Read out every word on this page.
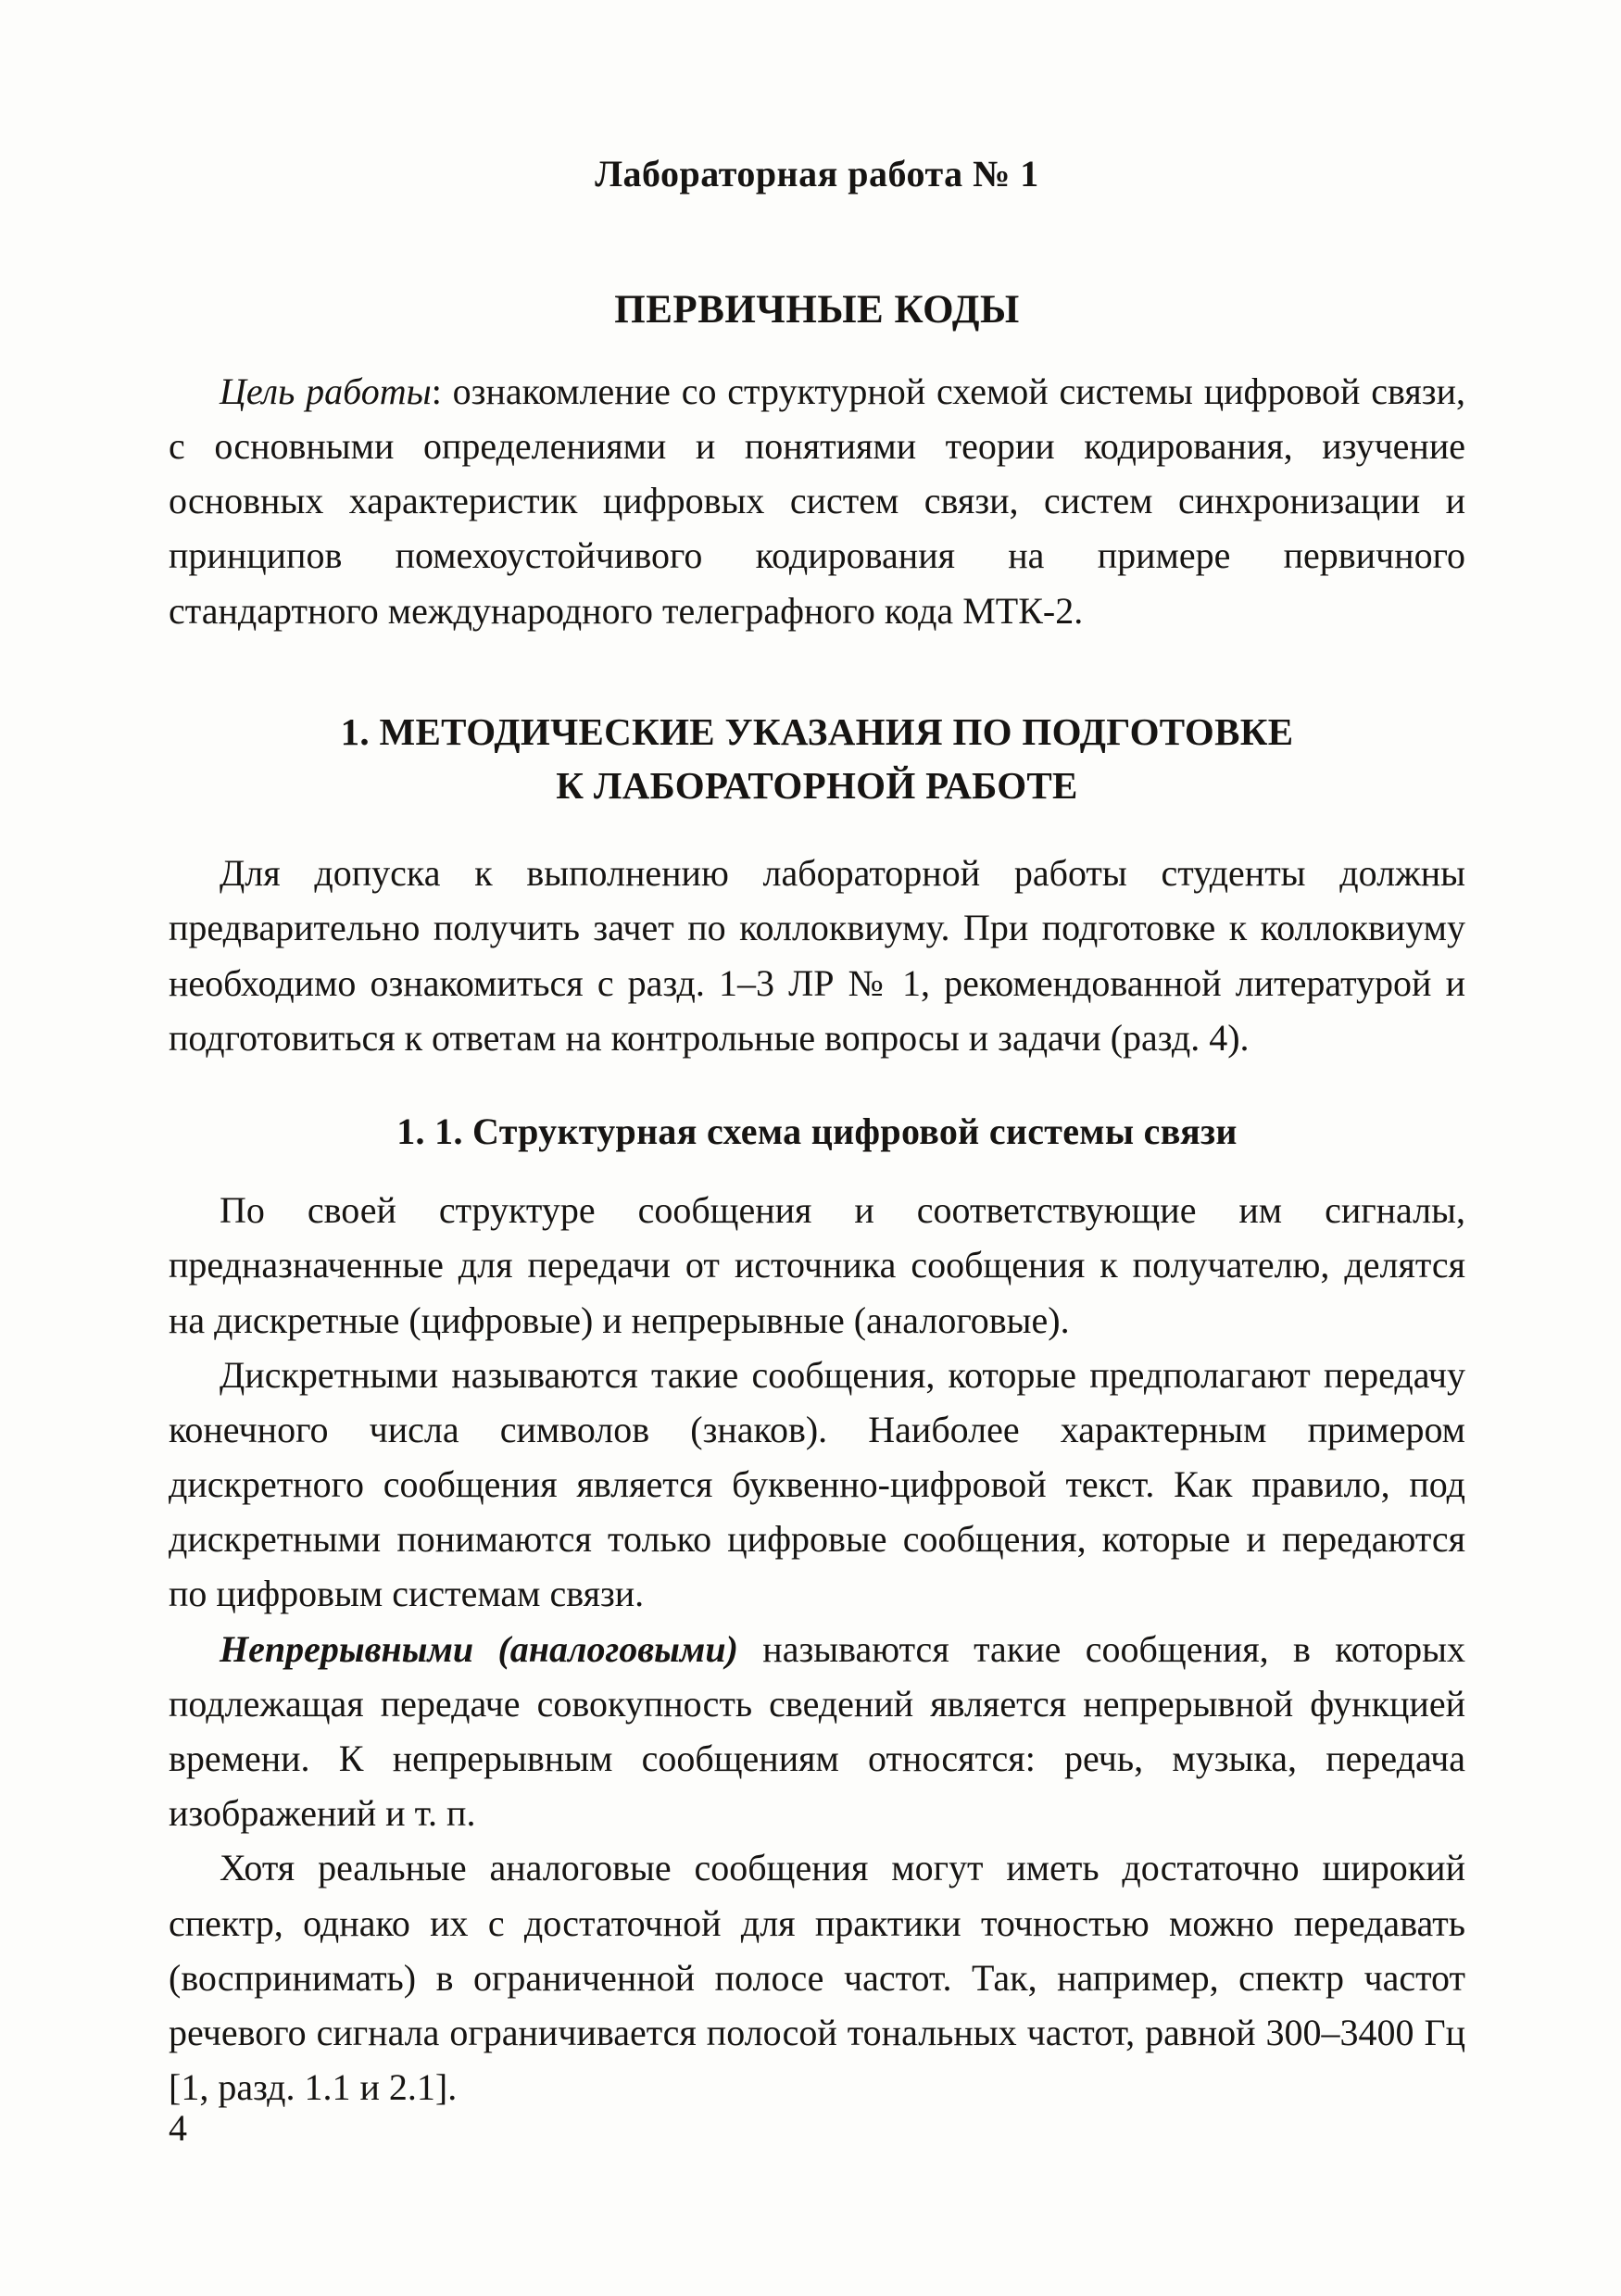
Лабораторная работа № 1
ПЕРВИЧНЫЕ КОДЫ

Цель работы: ознакомление со структурной схемой системы цифровой связи, с основными определениями и понятиями теории кодирования, изучение основных характеристик цифровых систем связи, систем синхронизации и принципов помехоустойчивого кодирования на примере первичного стандартного международного телеграфного кода МТК-2.

1. МЕТОДИЧЕСКИЕ УКАЗАНИЯ ПО ПОДГОТОВКЕ
К ЛАБОРАТОРНОЙ РАБОТЕ

Для допуска к выполнению лабораторной работы студенты должны предварительно получить зачет по коллоквиуму. При подготовке к коллоквиуму необходимо ознакомиться с разд. 1–3 ЛР № 1, рекомендованной литературой и подготовиться к ответам на контрольные вопросы и задачи (разд. 4).

1. 1. Структурная схема цифровой системы связи

По своей структуре сообщения и соответствующие им сигналы, предназначенные для передачи от источника сообщения к получателю, делятся на дискретные (цифровые) и непрерывные (аналоговые).

Дискретными называются такие сообщения, которые предполагают передачу конечного числа символов (знаков). Наиболее характерным примером дискретного сообщения является буквенно-цифровой текст. Как правило, под дискретными понимаются только цифровые сообщения, которые и передаются по цифровым системам связи.

Непрерывными (аналоговыми) называются такие сообщения, в которых подлежащая передаче совокупность сведений является непрерывной функцией времени. К непрерывным сообщениям относятся: речь, музыка, передача изображений и т. п.

Хотя реальные аналоговые сообщения могут иметь достаточно широкий спектр, однако их с достаточной для практики точностью можно передавать (воспринимать) в ограниченной полосе частот. Так, например, спектр частот речевого сигнала ограничивается полосой тональных частот, равной 300–3400 Гц [1, разд. 1.1 и 2.1].

4
